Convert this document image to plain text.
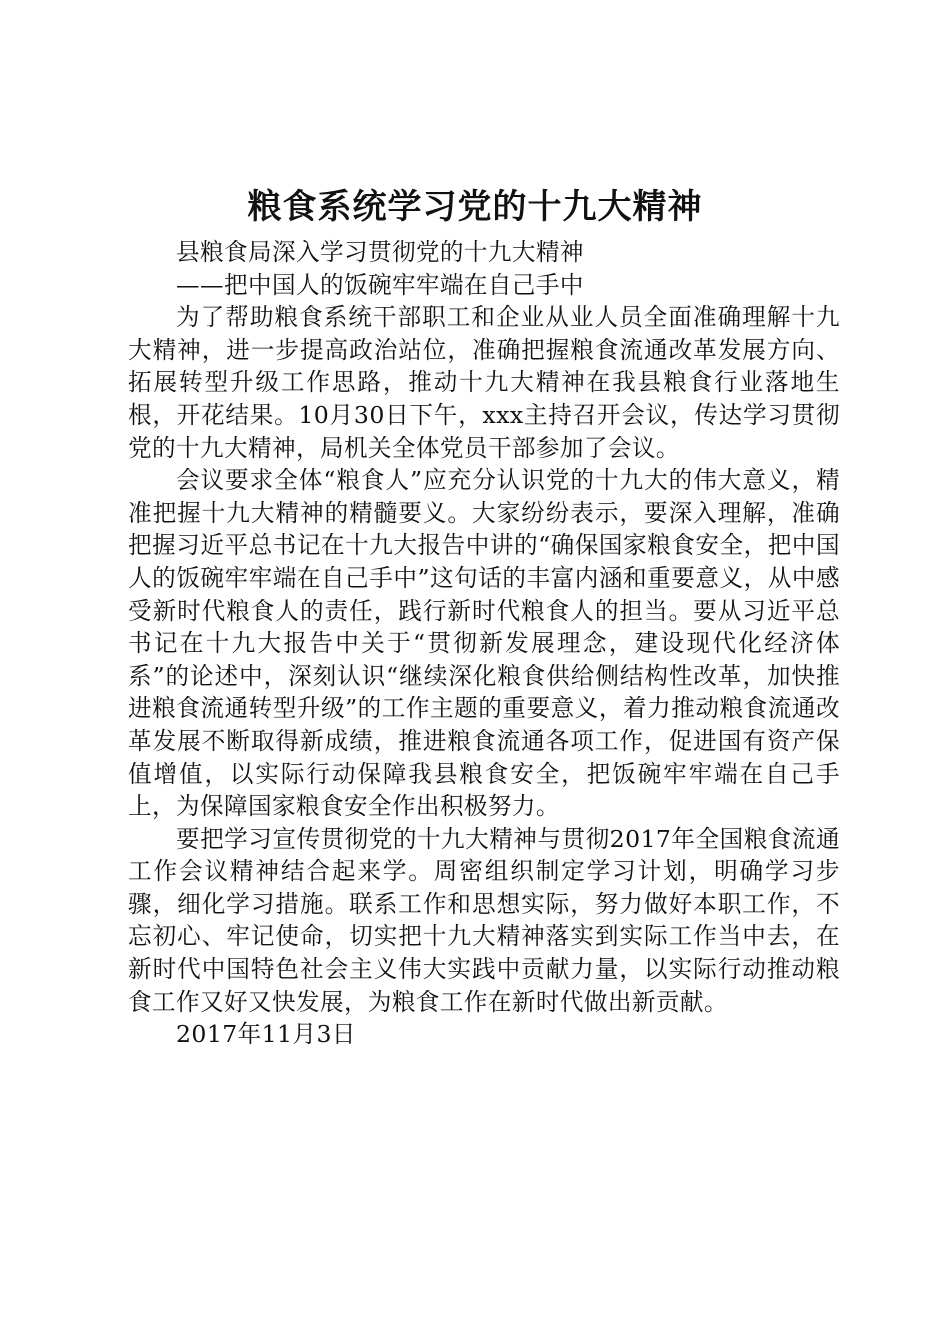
粮食系统学习党的十九大精神

县粮食局深入学习贯彻党的十九大精神

——把中国人的饭碗牢牢端在自己手中

为了帮助粮食系统干部职工和企业从业人员全面准确理解十九大精神，进一步提高政治站位，准确把握粮食流通改革发展方向、拓展转型升级工作思路，推动十九大精神在我县粮食行业落地生根，开花结果。10月30日下午，xxx主持召开会议，传达学习贯彻党的十九大精神，局机关全体党员干部参加了会议。

会议要求全体“粮食人”应充分认识党的十九大的伟大意义，精准把握十九大精神的精髓要义。大家纷纷表示，要深入理解，准确把握习近平总书记在十九大报告中讲的“确保国家粮食安全，把中国人的饭碗牢牢端在自己手中”这句话的丰富内涵和重要意义，从中感受新时代粮食人的责任，践行新时代粮食人的担当。要从习近平总书记在十九大报告中关于“贯彻新发展理念，建设现代化经济体系”的论述中，深刻认识“继续深化粮食供给侧结构性改革，加快推进粮食流通转型升级”的工作主题的重要意义，着力推动粮食流通改革发展不断取得新成绩，推进粮食流通各项工作，促进国有资产保值增值，以实际行动保障我县粮食安全，把饭碗牢牢端在自己手上，为保障国家粮食安全作出积极努力。

要把学习宣传贯彻党的十九大精神与贯彻2017年全国粮食流通工作会议精神结合起来学。周密组织制定学习计划，明确学习步骤，细化学习措施。联系工作和思想实际，努力做好本职工作，不忘初心、牢记使命，切实把十九大精神落实到实际工作当中去，在新时代中国特色社会主义伟大实践中贡献力量，以实际行动推动粮食工作又好又快发展，为粮食工作在新时代做出新贡献。

2017年11月3日
